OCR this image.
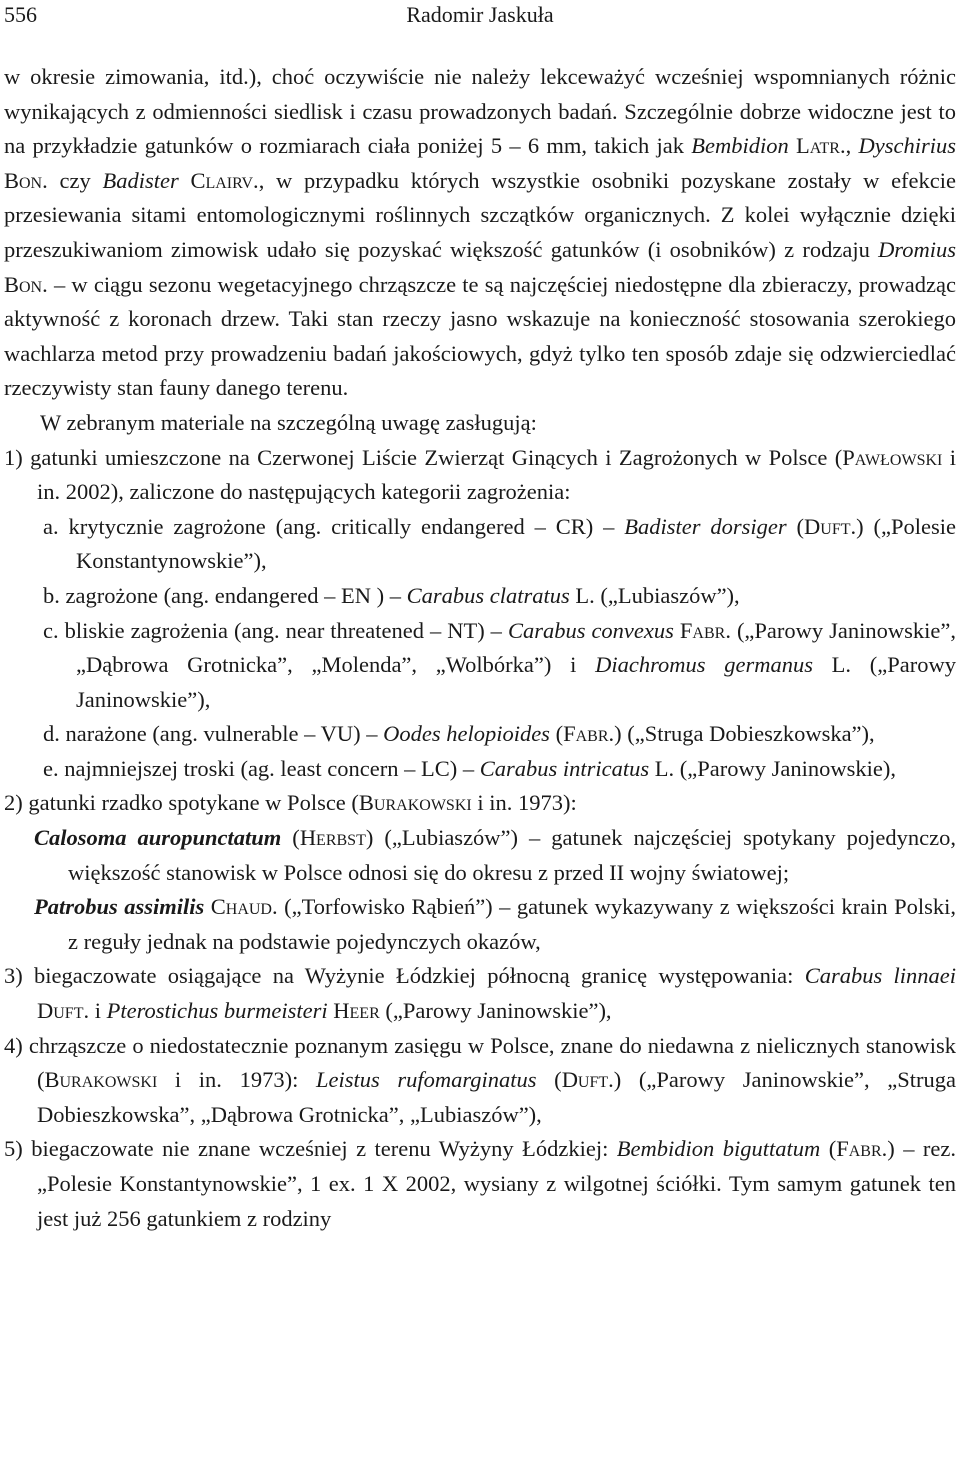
556	Radomir Jaskuła

w okresie zimowania, itd.), choć oczywiście nie należy lekceważyć wcześniej wspomnianych różnic wynikających z odmienności siedlisk i czasu prowadzonych badań. Szczególnie dobrze widoczne jest to na przykładzie gatunków o rozmiarach ciała poniżej 5 – 6 mm, takich jak Bembidion Latr., Dyschirius Bon. czy Badister Clairv., w przypadku których wszystkie osobniki pozyskane zostały w efekcie przesiewania sitami entomologicznymi roślinnych szczątków organicznych. Z kolei wyłącznie dzięki przeszukiwaniom zimowisk udało się pozyskać większość gatunków (i osobników) z rodzaju Dromius Bon. – w ciągu sezonu wegetacyjnego chrząszcze te są najczęściej niedostępne dla zbieraczy, prowadząc aktywność z koronach drzew. Taki stan rzeczy jasno wskazuje na konieczność stosowania szerokiego wachlarza metod przy prowadzeniu badań jakościowych, gdyż tylko ten sposób zdaje się odzwierciedlać rzeczywisty stan fauny danego terenu.

W zebranym materiale na szczególną uwagę zasługują:

1) gatunki umieszczone na Czerwonej Liście Zwierząt Ginących i Zagrożonych w Polsce (Pawłowski i in. 2002), zaliczone do następujących kategorii zagrożenia:

a. krytycznie zagrożone (ang. critically endangered – CR) – Badister dorsiger (Duft.) („Polesie Konstantynowskie”),

b. zagrożone (ang. endangered – EN ) – Carabus clatratus L. („Lubiaszów”),

c. bliskie zagrożenia (ang. near threatened – NT) – Carabus convexus Fabr. („Parowy Janinowskie”, „Dąbrowa Grotnicka”, „Molenda”, „Wolbórka”) i Diachromus germanus L. („Parowy Janinowskie”),

d. narażone (ang. vulnerable – VU) – Oodes helopioides (Fabr.) („Struga Dobieszkowska”),

e. najmniejszej troski (ag. least concern – LC) – Carabus intricatus L. („Parowy Janinowskie),

2) gatunki rzadko spotykane w Polsce (Burakowski i in. 1973):

Calosoma auropunctatum (Herbst) („Lubiaszów”) – gatunek najczęściej spotykany pojedynczo, większość stanowisk w Polsce odnosi się do okresu z przed II wojny światowej;

Patrobus assimilis Chaud. („Torfowisko Rąbień”) – gatunek wykazywany z większości krain Polski, z reguły jednak na podstawie pojedynczych okazów,

3) biegaczowate osiągające na Wyżynie Łódzkiej północną granicę występowania: Carabus linnaei Duft. i Pterostichus burmeisteri Heer („Parowy Janinowskie”),

4) chrząszcze o niedostatecznie poznanym zasięgu w Polsce, znane do niedawna z nielicznych stanowisk (Burakowski i in. 1973): Leistus rufomarginatus (Duft.) („Parowy Janinowskie”, „Struga Dobieszkowska”, „Dąbrowa Grotnicka”, „Lubiaszów”),

5) biegaczowate nie znane wcześniej z terenu Wyżyny Łódzkiej: Bembidion biguttatum (Fabr.) – rez. „Polesie Konstantynowskie”, 1 ex. 1 X 2002, wysiany z wilgotnej ściółki. Tym samym gatunek ten jest już 256 gatunkiem z rodziny
